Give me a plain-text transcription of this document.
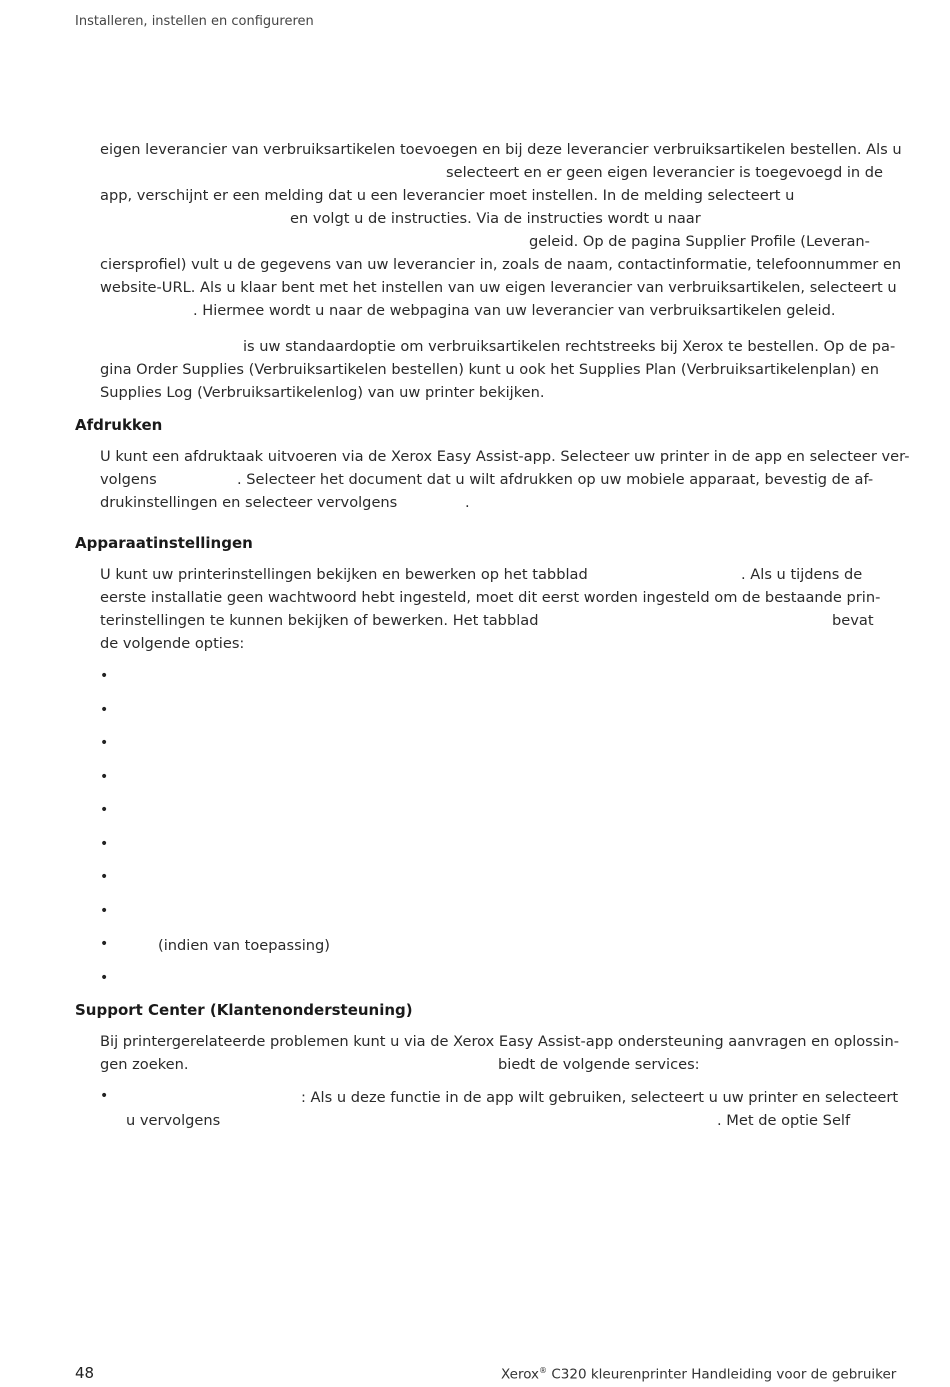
Installeren, instellen en configureren
eigen leverancier van verbruiksartikelen toevoegen en bij deze leverancier verbruiksartikelen bestellen. Als u
selecteert en er geen eigen leverancier is toegevoegd in de
app, verschijnt er een melding dat u een leverancier moet instellen. In de melding selecteert u
en volgt u de instructies. Via de instructies wordt u naar
geleid. Op de pagina Supplier Profile (Leveran-
ciersprofiel) vult u de gegevens van uw leverancier in, zoals de naam, contactinformatie, telefoonnummer en
website-URL. Als u klaar bent met het instellen van uw eigen leverancier van verbruiksartikelen, selecteert u
. Hiermee wordt u naar de webpagina van uw leverancier van verbruiksartikelen geleid.
is uw standaardoptie om verbruiksartikelen rechtstreeks bij Xerox te bestellen. Op de pa-
gina Order Supplies (Verbruiksartikelen bestellen) kunt u ook het Supplies Plan (Verbruiksartikelenplan) en
Supplies Log (Verbruiksartikelenlog) van uw printer bekijken.
Afdrukken
U kunt een afdruktaak uitvoeren via de Xerox Easy Assist-app. Selecteer uw printer in de app en selecteer ver-
volgens	. Selecteer het document dat u wilt afdrukken op uw mobiele apparaat, bevestig de af-
drukinstellingen en selecteer vervolgens	.
Apparaatinstellingen
U kunt uw printerinstellingen bekijken en bewerken op het tabblad	. Als u tijdens de
eerste installatie geen wachtwoord hebt ingesteld, moet dit eerst worden ingesteld om de bestaande prin-
terinstellingen te kunnen bekijken of bewerken. Het tabblad	bevat
de volgende opties:
•
•
•
•
•
•
•
•
•	(indien van toepassing)
•
Support Center (Klantenondersteuning)
Bij printergerelateerde problemen kunt u via de Xerox Easy Assist-app ondersteuning aanvragen en oplossin-
gen zoeken.	biedt de volgende services:
•	: Als u deze functie in de app wilt gebruiken, selecteert u uw printer en selecteert
u vervolgens	. Met de optie Self
48	Xerox® C320 kleurenprinter Handleiding voor de gebruiker
